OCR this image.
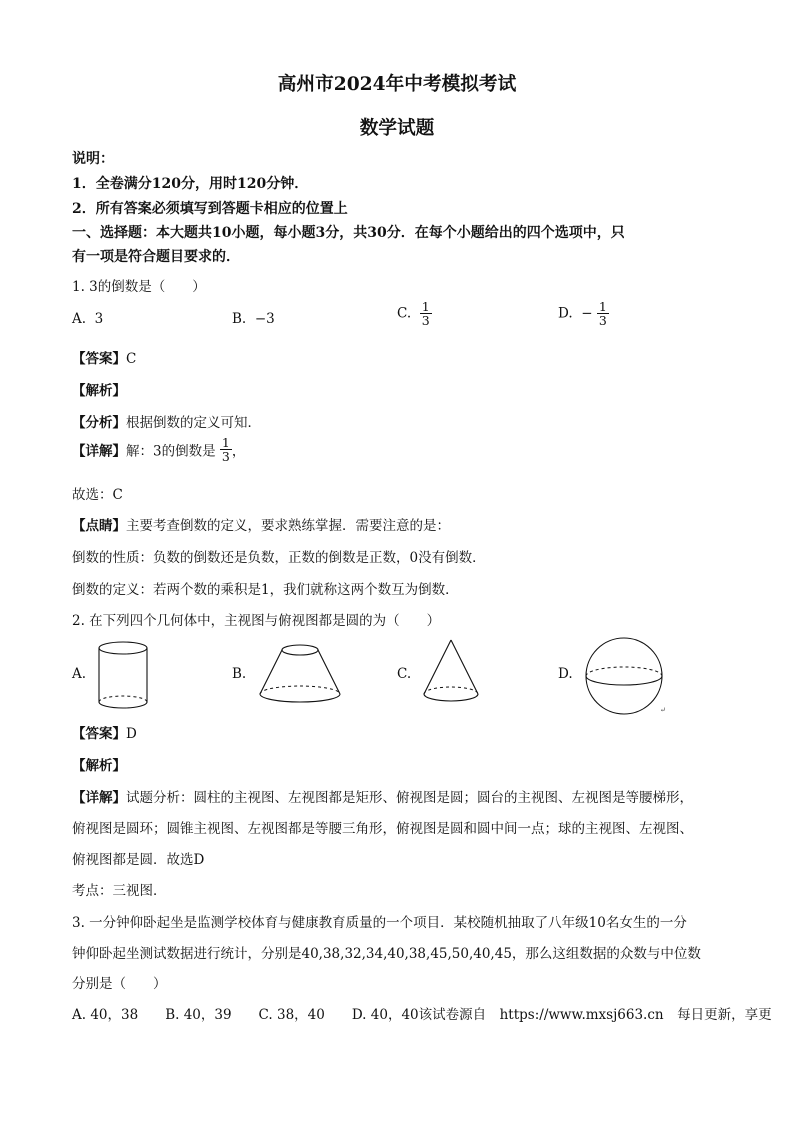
高州市2024年中考模拟考试
数学试题
说明：
1．全卷满分120分，用时120分钟．
2．所有答案必须填写到答题卡相应的位置上
一、选择题：本大题共10小题，每小题3分，共30分．在每个小题给出的四个选项中，只
有一项是符合题目要求的．
1. 3的倒数是（　　）
A. 3	B. −3	C. $\frac{1}{3}$	D. − $\frac{1}{3}$
【答案】C
【解析】
【分析】根据倒数的定义可知．
【详解】解：3的倒数是 $\frac{1}{3}$ ，
故选：C
【点睛】主要考查倒数的定义，要求熟练掌握．需要注意的是：
倒数的性质：负数的倒数还是负数，正数的倒数是正数，0没有倒数．
倒数的定义：若两个数的乘积是1，我们就称这两个数互为倒数．
2. 在下列四个几何体中，主视图与俯视图都是圆的为（　　）
A.	B.	C.	D.
↵
【答案】D
【解析】
【详解】试题分析：圆柱的主视图、左视图都是矩形、俯视图是圆；圆台的主视图、左视图是等腰梯形，
俯视图是圆环；圆锥主视图、左视图都是等腰三角形，俯视图是圆和圆中间一点；球的主视图、左视图、
俯视图都是圆．故选D
考点：三视图．
3. 一分钟仰卧起坐是监测学校体育与健康教育质量的一个项目．某校随机抽取了八年级10名女生的一分
钟仰卧起坐测试数据进行统计，分别是40,38,32,34,40,38,45,50,40,45，那么这组数据的众数与中位数
分别是（　　）
A. 40，38　　B. 40，39　　C. 38，40　　D. 40，40该试卷源自　https://www.mxsj663.cn　每日更新，享更
